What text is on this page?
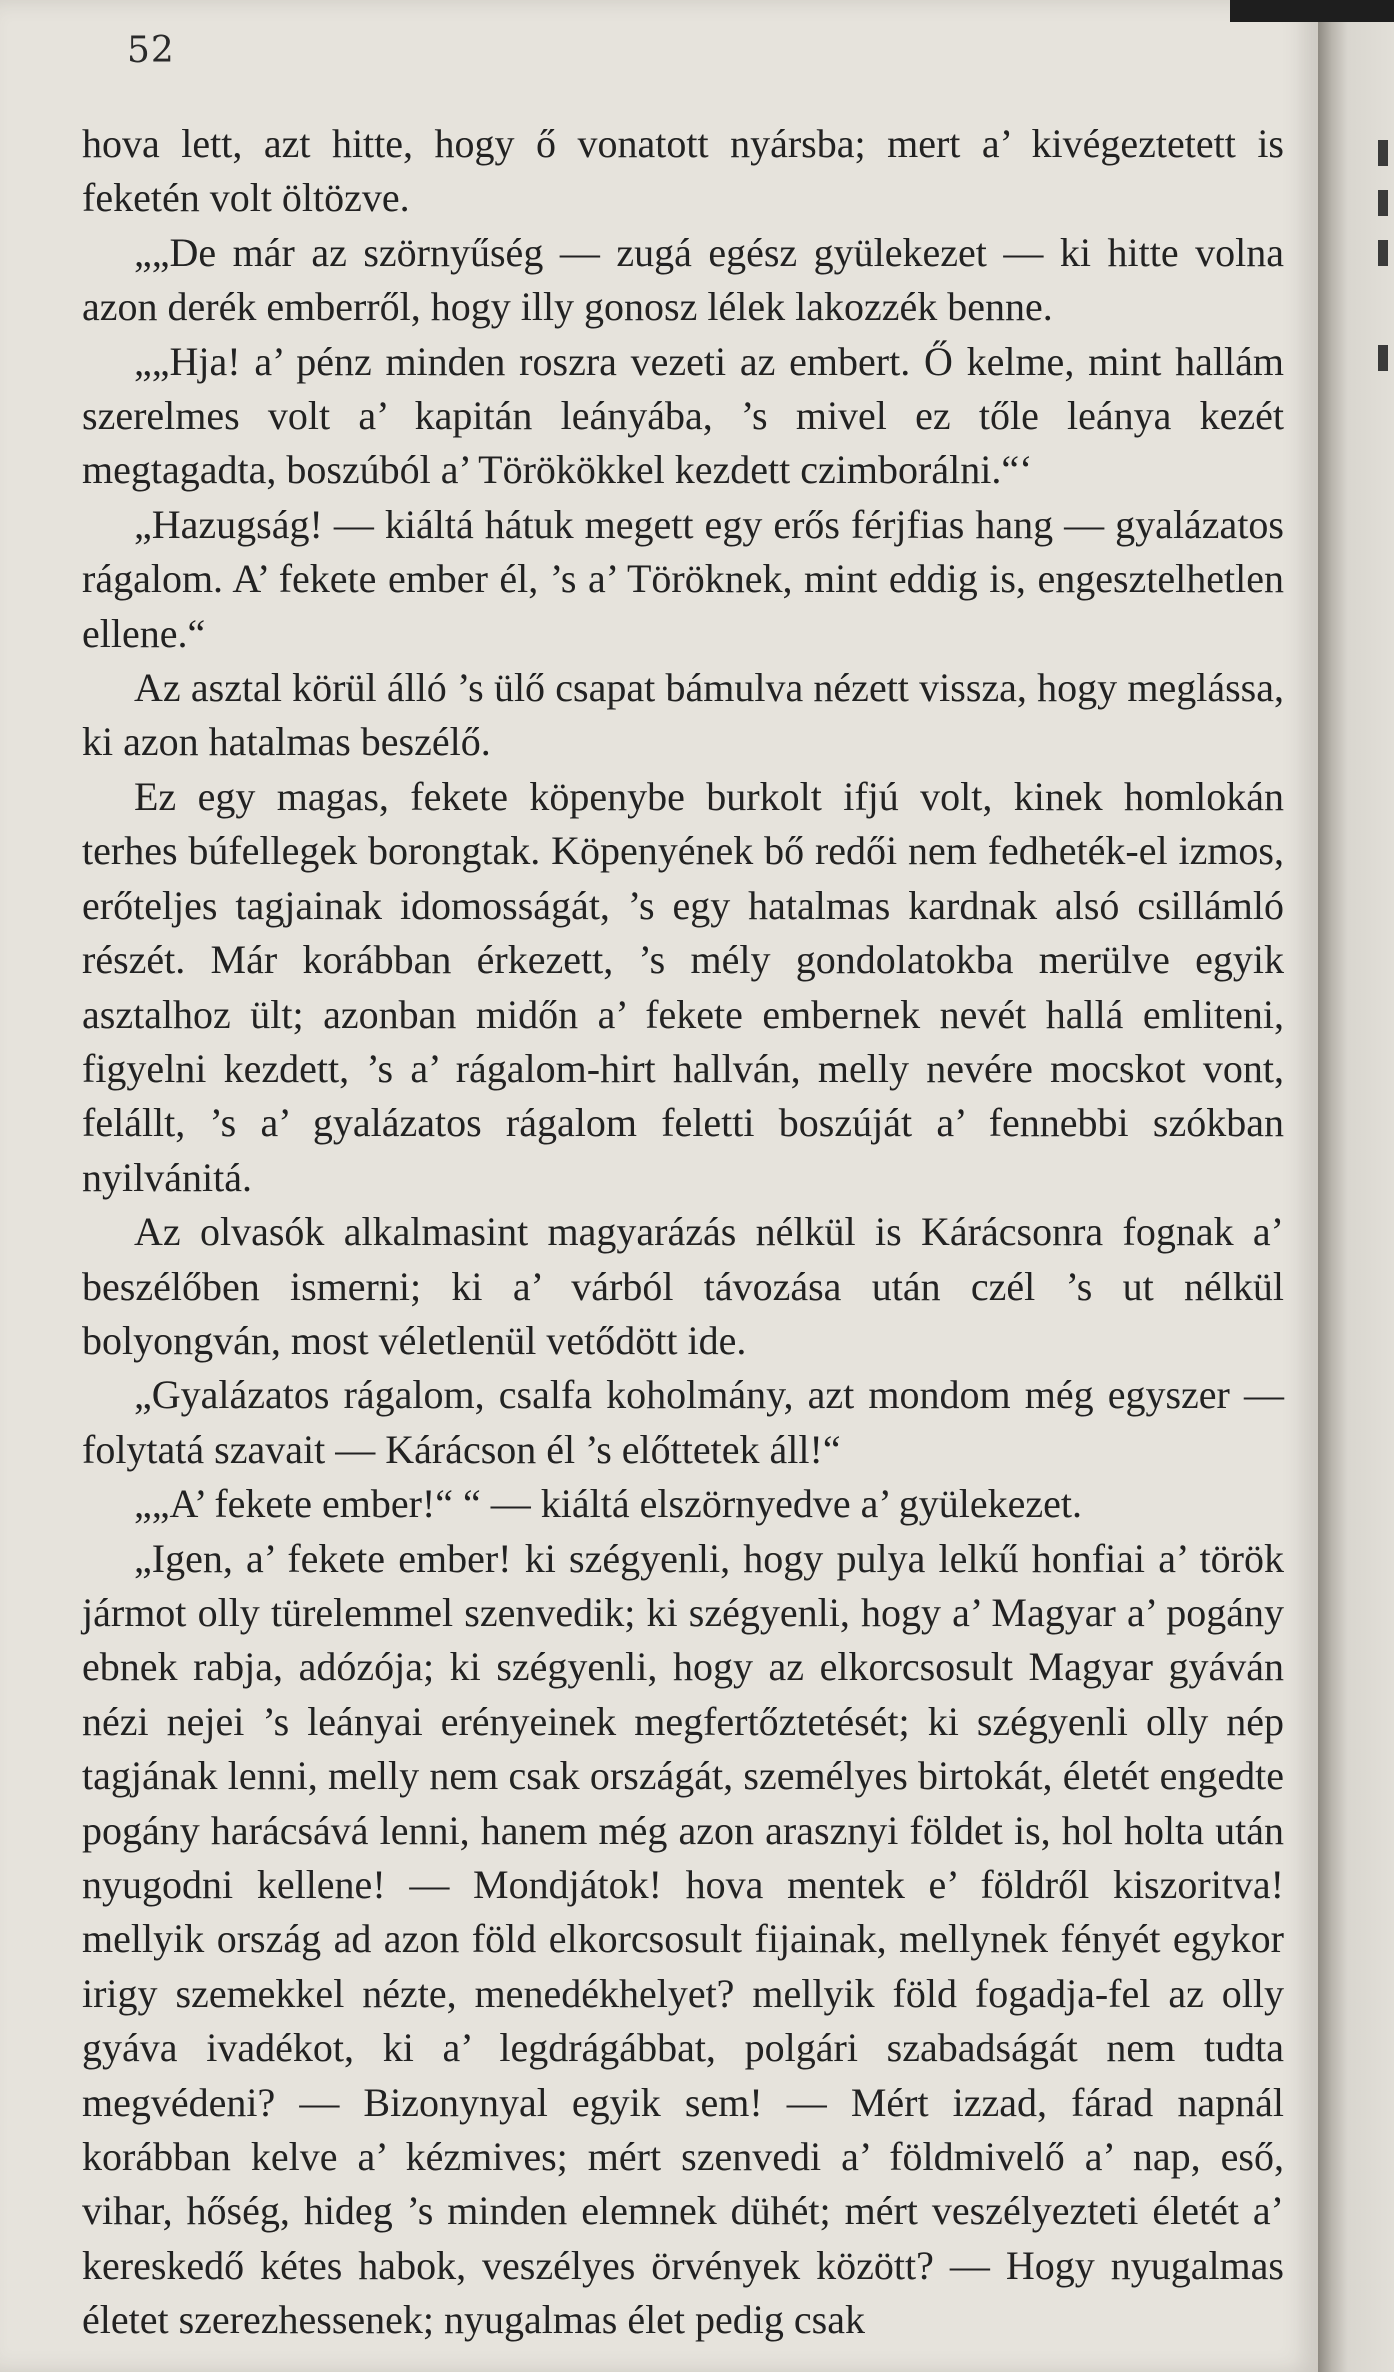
52

hova lett, azt hitte, hogy ő vonatott nyársba; mert a’ kivégeztetett is feketén volt öltözve.

„„De már az szörnyűség — zugá egész gyülekezet — ki hitte volna azon derék emberről, hogy illy gonosz lélek lakozzék benne.

„„Hja! a’ pénz minden roszra vezeti az embert. Ő kelme, mint hallám szerelmes volt a’ kapitán leányába, ’s mivel ez tőle leánya kezét megtagadta, boszúból a’ Törökökkel kezdett czimborálni.“‘

„Hazugság! — kiáltá hátuk megett egy erős férjfias hang — gyalázatos rágalom. A’ fekete ember él, ’s a’ Töröknek, mint eddig is, engesztelhetlen ellene.“

Az asztal körül álló ’s ülő csapat bámulva nézett vissza, hogy meglássa, ki azon hatalmas beszélő.

Ez egy magas, fekete köpenybe burkolt ifjú volt, kinek homlokán terhes búfellegek borongtak. Köpenyének bő redői nem fedheték-el izmos, erőteljes tagjainak idomosságát, ’s egy hatalmas kardnak alsó csillámló részét. Már korábban érkezett, ’s mély gondolatokba merülve egyik asztalhoz ült; azonban midőn a’ fekete embernek nevét hallá emliteni, figyelni kezdett, ’s a’ rágalom-hirt hallván, melly nevére mocskot vont, felállt, ’s a’ gyalázatos rágalom feletti boszúját a’ fennebbi szókban nyilvánitá.

Az olvasók alkalmasint magyarázás nélkül is Kárácsonra fognak a’ beszélőben ismerni; ki a’ várból távozása után czél ’s ut nélkül bolyongván, most véletlenül vetődött ide.

„Gyalázatos rágalom, csalfa koholmány, azt mondom még egyszer — folytatá szavait — Kárácson él ’s előttetek áll!“

„„A’ fekete ember!“ “ — kiáltá elszörnyedve a’ gyülekezet.

„Igen, a’ fekete ember! ki szégyenli, hogy pulya lelkű honfiai a’ török jármot olly türelemmel szenvedik; ki szégyenli, hogy a’ Magyar a’ pogány ebnek rabja, adózója; ki szégyenli, hogy az elkorcsosult Magyar gyáván nézi nejei ’s leányai erényeinek megfertőztetését; ki szégyenli olly nép tagjának lenni, melly nem csak országát, személyes birtokát, életét engedte pogány harácsává lenni, hanem még azon arasznyi földet is, hol holta után nyugodni kellene! — Mondjátok! hova mentek e’ földről kiszoritva! mellyik ország ad azon föld elkorcsosult fijainak, mellynek fényét egykor irigy szemekkel nézte, menedékhelyet? mellyik föld fogadja-fel az olly gyáva ivadékot, ki a’ legdrágábbat, polgári szabadságát nem tudta megvédeni? — Bizonynyal egyik sem! — Mért izzad, fárad napnál korábban kelve a’ kézmives; mért szenvedi a’ földmivelő a’ nap, eső, vihar, hőség, hideg ’s minden elemnek dühét; mért veszélyezteti életét a’ kereskedő kétes habok, veszélyes örvények között? — Hogy nyugalmas életet szerezhessenek; nyugalmas élet pedig csak
